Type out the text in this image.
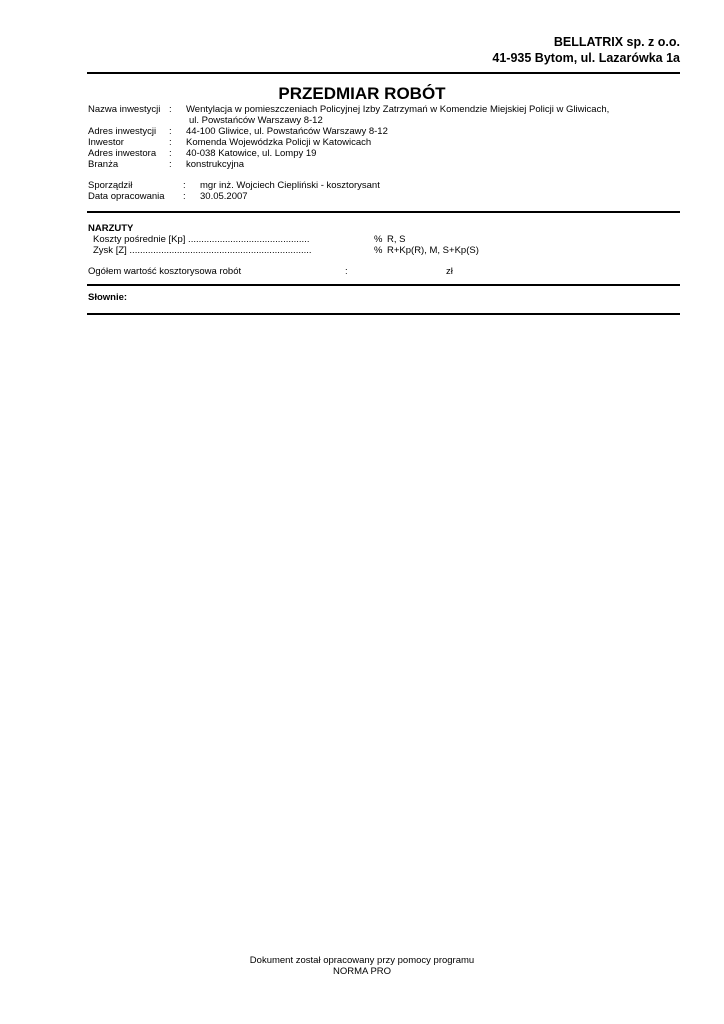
BELLATRIX sp. z o.o.
41-935 Bytom, ul. Lazarówka 1a
PRZEDMIAR ROBÓT
Nazwa inwestycji : Wentylacja w pomieszczeniach Policyjnej Izby Zatrzymań w Komendzie Miejskiej Policji w Gliwicach,
ul. Powstańców Warszawy 8-12
Adres inwestycji : 44-100 Gliwice, ul. Powstańców Warszawy 8-12
Inwestor	: Komenda Wojewódzka Policji w Katowicach
Adres inwestora : 40-038 Katowice, ul. Lompy 19
Branża	: konstrukcyjna
Sporządził	: mgr inż. Wojciech Ciepliński - kosztorysant
Data opracowania : 30.05.2007
NARZUTY
Koszty pośrednie [Kp] ..............................................	% R, S
Zysk [Z] .....................................................................	% R+Kp(R), M, S+Kp(S)
Ogółem wartość kosztorysowa robót	:	zł
Słownie:
Dokument został opracowany przy pomocy programu
NORMA PRO
